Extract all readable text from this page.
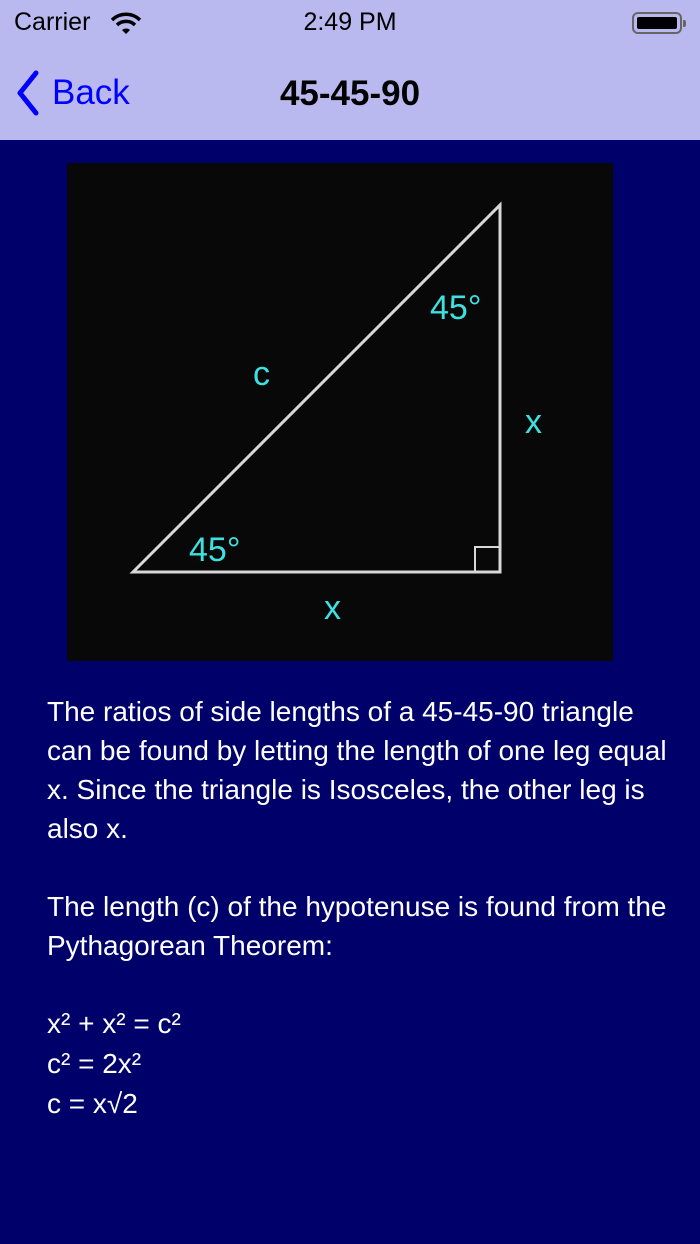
Carrier	2:49 PM
Back	45-45-90
c
x
x
45°
45°

The ratios of side lengths of a 45-45-90 triangle can be found by letting the length of one leg equal x. Since the triangle is Isosceles, the other leg is also x.

The length (c) of the hypotenuse is found from the Pythagorean Theorem:

x² + x² = c²
c² = 2x²
c = x√2
